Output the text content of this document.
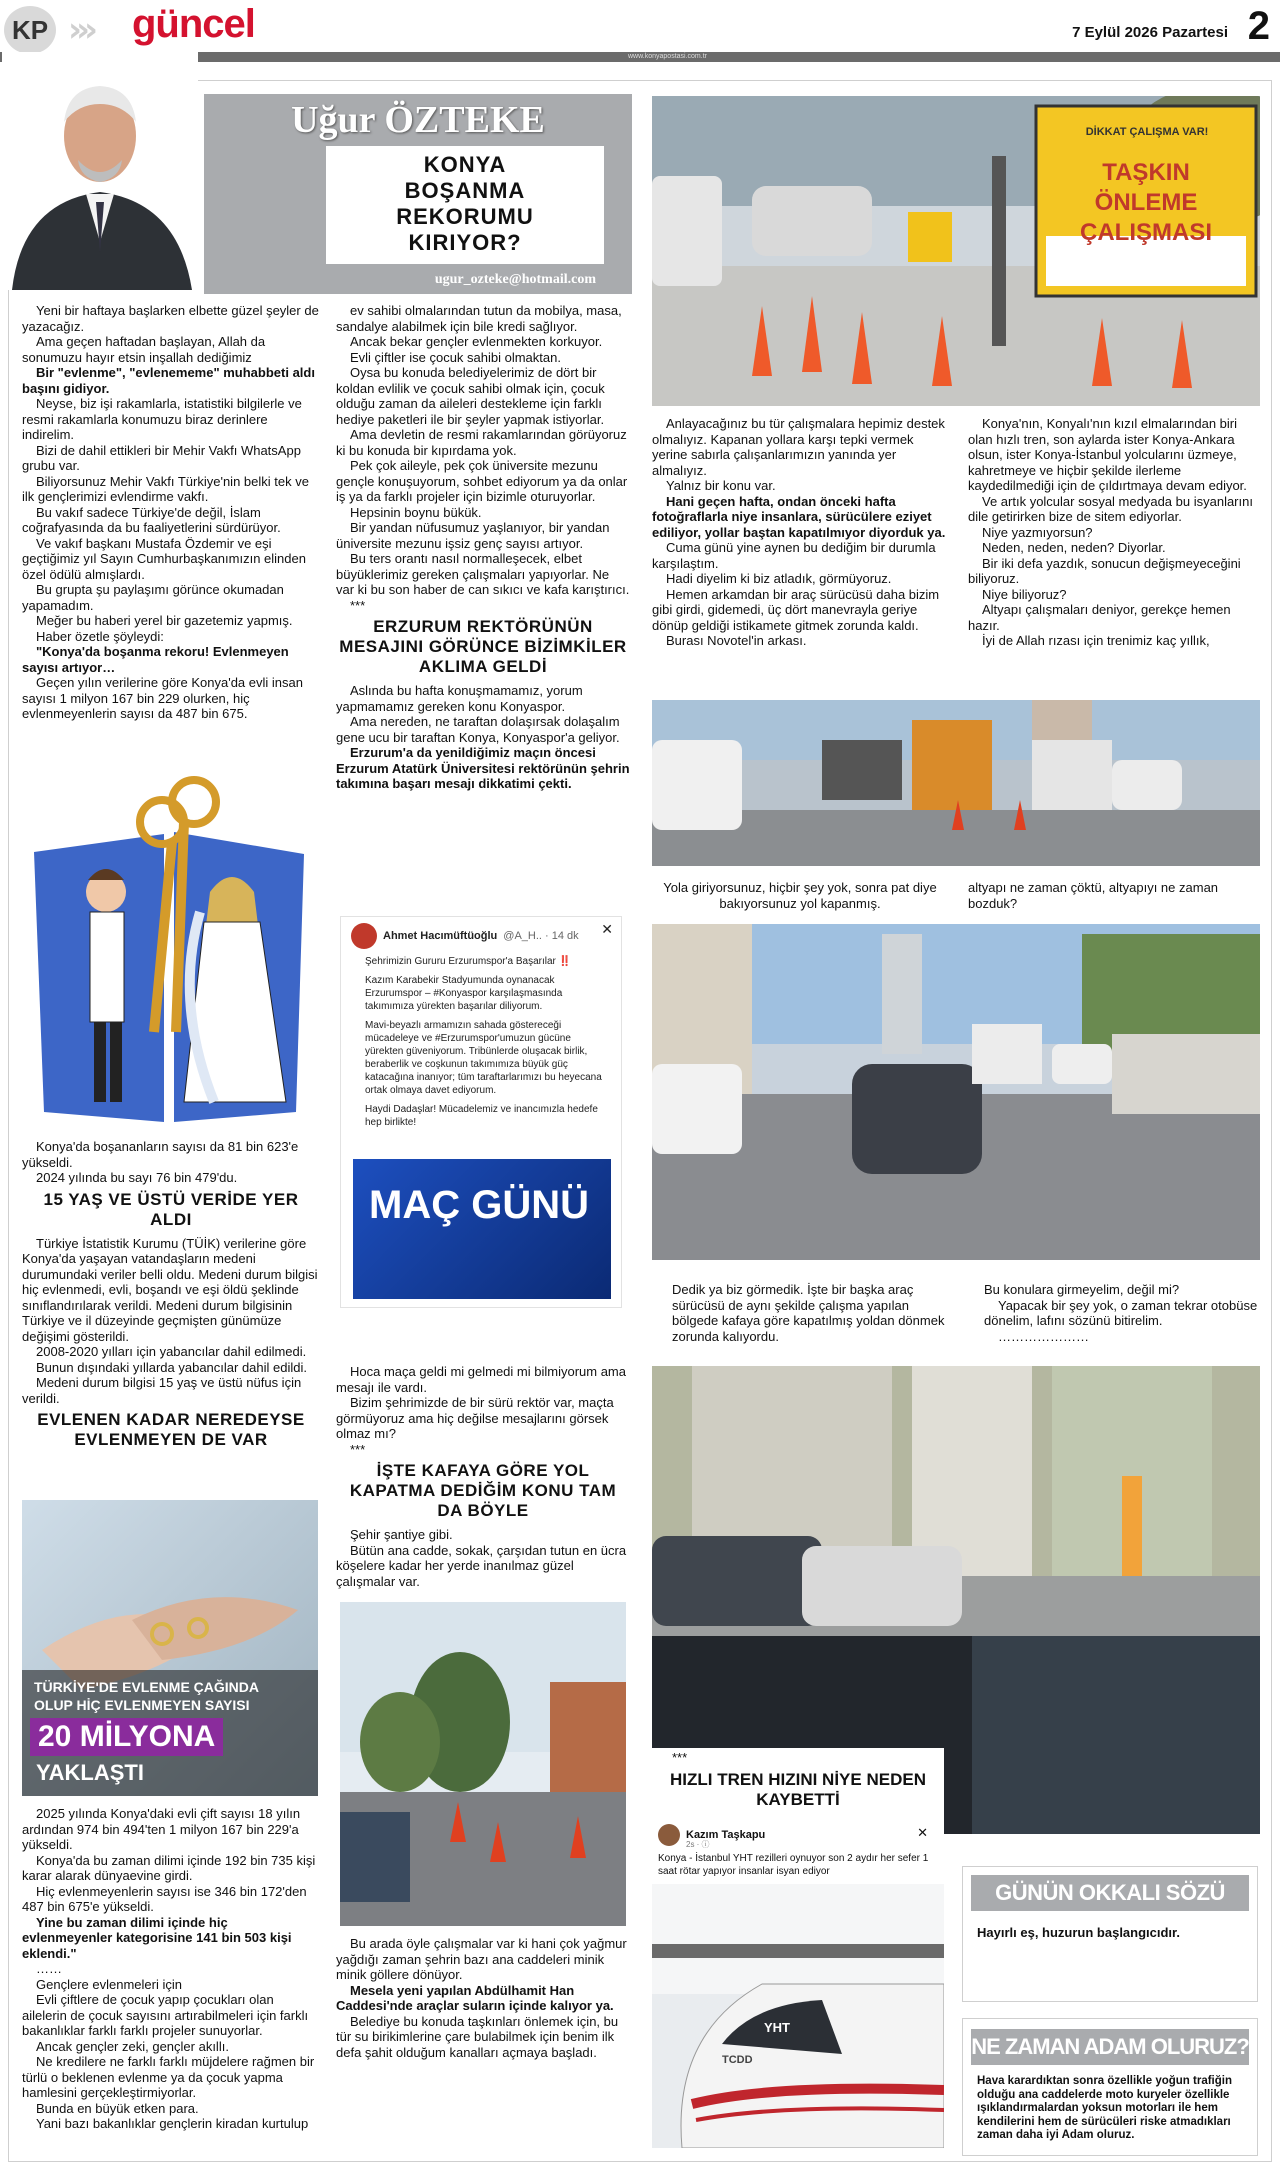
KP ››› güncel	7 Eylül 2026 Pazartesi 2
www.konyapostasi.com.tr
Uğur ÖZTEKE
KONYA
BOŞANMA
REKORUMU
KIRIYOR?
ugur_ozteke@hotmail.com

Yeni bir haftaya başlarken elbette güzel şeyler de yazacağız.

Ama geçen haftadan başlayan, Allah da sonumuzu hayır etsin inşallah dediğimiz

Bir "evlenme", "evlenememe" muhabbeti aldı başını gidiyor.

Neyse, biz işi rakamlarla, istatistiki bilgilerle ve resmi rakamlarla konumuzu biraz derinlere indirelim.

Bizi de dahil ettikleri bir Mehir Vakfı WhatsApp grubu var.

Biliyorsunuz Mehir Vakfı Türkiye'nin belki tek ve ilk gençlerimizi evlendirme vakfı.

Bu vakıf sadece Türkiye'de değil, İslam coğrafyasında da bu faaliyetlerini sürdürüyor.

Ve vakıf başkanı Mustafa Özdemir ve eşi geçtiğimiz yıl Sayın Cumhurbaşkanımızın elinden özel ödülü almışlardı.

Bu grupta şu paylaşımı görünce okumadan yapamadım.

Meğer bu haberi yerel bir gazetemiz yapmış.

Haber özetle şöyleydi:

"Konya'da boşanma rekoru! Evlenmeyen sayısı artıyor…

Geçen yılın verilerine göre Konya'da evli insan sayısı 1 milyon 167 bin 229 olurken, hiç evlenmeyenlerin sayısı da 487 bin 675.

Konya'da boşananların sayısı da 81 bin 623'e yükseldi.

2024 yılında bu sayı 76 bin 479'du.

15 YAŞ VE ÜSTÜ VERİDE YER ALDI

Türkiye İstatistik Kurumu (TÜİK) verilerine göre Konya'da yaşayan vatandaşların medeni durumundaki veriler belli oldu. Medeni durum bilgisi hiç evlenmedi, evli, boşandı ve eşi öldü şeklinde sınıflandırılarak verildi. Medeni durum bilgisinin Türkiye ve il düzeyinde geçmişten günümüze değişimi gösterildi.

2008-2020 yılları için yabancılar dahil edilmedi.

Bunun dışındaki yıllarda yabancılar dahil edildi.

Medeni durum bilgisi 15 yaş ve üstü nüfus için verildi.

EVLENEN KADAR NEREDEYSE EVLENMEYEN DE VAR
TÜRKİYE'DE EVLENME ÇAĞINDA
OLUP HİÇ EVLENMEYEN SAYISI
20 MİLYONA
YAKLAŞTI

2025 yılında Konya'daki evli çift sayısı 18 yılın ardından 974 bin 494'ten 1 milyon 167 bin 229'a yükseldi.

Konya'da bu zaman dilimi içinde 192 bin 735 kişi karar alarak dünyaevine girdi.

Hiç evlenmeyenlerin sayısı ise 346 bin 172'den 487 bin 675'e yükseldi.

Yine bu zaman dilimi içinde hiç evlenmeyenler kategorisine 141 bin 503 kişi eklendi."

……

Gençlere evlenmeleri için

Evli çiftlere de çocuk yapıp çocukları olan ailelerin de çocuk sayısını artırabilmeleri için farklı bakanlıklar farklı farklı projeler sunuyorlar.

Ancak gençler zeki, gençler akıllı.

Ne kredilere ne farklı farklı müjdelere rağmen bir türlü o beklenen evlenme ya da çocuk yapma hamlesini gerçekleştirmiyorlar.

Bunda en büyük etken para.

Yani bazı bakanlıklar gençlerin kiradan kurtulup

ev sahibi olmalarından tutun da mobilya, masa, sandalye alabilmek için bile kredi sağlıyor.

Ancak bekar gençler evlenmekten korkuyor.

Evli çiftler ise çocuk sahibi olmaktan.

Oysa bu konuda belediyelerimiz de dört bir koldan evlilik ve çocuk sahibi olmak için, çocuk olduğu zaman da aileleri destekleme için farklı hediye paketleri ile bir şeyler yapmak istiyorlar.

Ama devletin de resmi rakamlarından görüyoruz ki bu konuda bir kıpırdama yok.

Pek çok aileyle, pek çok üniversite mezunu gençle konuşuyorum, sohbet ediyorum ya da onlar iş ya da farklı projeler için bizimle oturuyorlar.

Hepsinin boynu bükük.

Bir yandan nüfusumuz yaşlanıyor, bir yandan üniversite mezunu işsiz genç sayısı artıyor.

Bu ters orantı nasıl normalleşecek, elbet büyüklerimiz gereken çalışmaları yapıyorlar. Ne var ki bu son haber de can sıkıcı ve kafa karıştırıcı.

***

ERZURUM REKTÖRÜNÜN MESAJINI GÖRÜNCE BİZİMKİLER AKLIMA GELDİ

Aslında bu hafta konuşmamamız, yorum yapmamamız gereken konu Konyaspor.

Ama nereden, ne taraftan dolaşırsak dolaşalım gene ucu bir taraftan Konya, Konyaspor'a geliyor.

Erzurum'a da yenildiğimiz maçın öncesi Erzurum Atatürk Üniversitesi rektörünün şehrin takımına başarı mesajı dikkatimi çekti.

Ahmet Hacımüftüoğlu @A_H.. · 14 dk ✕

Şehrimizin Gururu Erzurumspor'a Başarılar ‼️

Kazım Karabekir Stadyumunda oynanacak Erzurumspor – #Konyaspor karşılaşmasında takımımıza yürekten başarılar diliyorum.

Mavi-beyazlı armamızın sahada göstereceği mücadeleye ve #Erzurumspor'umuzun gücüne yürekten güveniyorum. Tribünlerde oluşacak birlik, beraberlik ve coşkunun takımımıza büyük güç katacağına inanıyor; tüm taraftarlarımızı bu heyecana ortak olmaya davet ediyorum.

Haydi Dadaşlar! Mücadelemiz ve inancımızla hedefe hep birlikte!

MAÇ GÜNÜ

Hoca maça geldi mi gelmedi mi bilmiyorum ama mesajı ile vardı.

Bizim şehrimizde de bir sürü rektör var, maçta görmüyoruz ama hiç değilse mesajlarını görsek olmaz mı?

***

İŞTE KAFAYA GÖRE YOL KAPATMA DEDİĞİM KONU TAM DA BÖYLE

Şehir şantiye gibi.

Bütün ana cadde, sokak, çarşıdan tutun en ücra köşelere kadar her yerde inanılmaz güzel çalışmalar var.

Bu arada öyle çalışmalar var ki hani çok yağmur yağdığı zaman şehrin bazı ana caddeleri minik minik göllere dönüyor.

Mesela yeni yapılan Abdülhamit Han Caddesi'nde araçlar suların içinde kalıyor ya.

Belediye bu konuda taşkınları önlemek için, bu tür su birikimlerine çare bulabilmek için benim ilk defa şahit olduğum kanalları açmaya başladı.

DİKKAT ÇALIŞMA VAR!
TAŞKIN ÖNLEME
ÇALIŞMASI

Anlayacağınız bu tür çalışmalara hepimiz destek olmalıyız. Kapanan yollara karşı tepki vermek yerine sabırla çalışanlarımızın yanında yer almalıyız.

Yalnız bir konu var.

Hani geçen hafta, ondan önceki hafta fotoğraflarla niye insanlara, sürücülere eziyet ediliyor, yollar baştan kapatılmıyor diyorduk ya.

Cuma günü yine aynen bu dediğim bir durumla karşılaştım.

Hadi diyelim ki biz atladık, görmüyoruz.

Hemen arkamdan bir araç sürücüsü daha bizim gibi girdi, gidemedi, üç dört manevrayla geriye dönüp geldiği istikamete gitmek zorunda kaldı.

Burası Novotel'in arkası.

Konya'nın, Konyalı'nın kızıl elmalarından biri olan hızlı tren, son aylarda ister Konya-Ankara olsun, ister Konya-İstanbul yolcularını üzmeye, kahretmeye ve hiçbir şekilde ilerleme kaydedilmediği için de çıldırtmaya devam ediyor.

Ve artık yolcular sosyal medyada bu isyanlarını dile getirirken bize de sitem ediyorlar.

Niye yazmıyorsun?

Neden, neden, neden? Diyorlar.

Bir iki defa yazdık, sonucun değişmeyeceğini biliyoruz.

Niye biliyoruz?

Altyapı çalışmaları deniyor, gerekçe hemen hazır.

İyi de Allah rızası için trenimiz kaç yıllık,

Yola giriyorsunuz, hiçbir şey yok, sonra pat diye bakıyorsunuz yol kapanmış.

altyapı ne zaman çöktü, altyapıyı ne zaman bozduk?

Dedik ya biz görmedik. İşte bir başka araç sürücüsü de aynı şekilde çalışma yapılan bölgede kafaya göre kapatılmış yoldan dönmek zorunda kalıyordu.

Bu konulara girmeyelim, değil mi?

Yapacak bir şey yok, o zaman tekrar otobüse dönelim, lafını sözünü bitirelim.

…………………

***
HIZLI TREN HIZINI NİYE NEDEN KAYBETTİ
Kazım Taşkapu
2s · ⓘ
✕
Konya - İstanbul YHT rezilleri oynuyor son 2 aydır her sefer 1 saat rötar yapıyor insanlar isyan ediyor
TCDD
YHT
GÜNÜN OKKALI SÖZÜ
Hayırlı eş, huzurun başlangıcıdır.
NE ZAMAN ADAM OLURUZ?
Hava karardıktan sonra özellikle yoğun trafiğin olduğu ana caddelerde moto kuryeler özellikle ışıklandırmalardan yoksun motorları ile hem kendilerini hem de sürücüleri riske atmadıkları zaman daha iyi Adam oluruz.
